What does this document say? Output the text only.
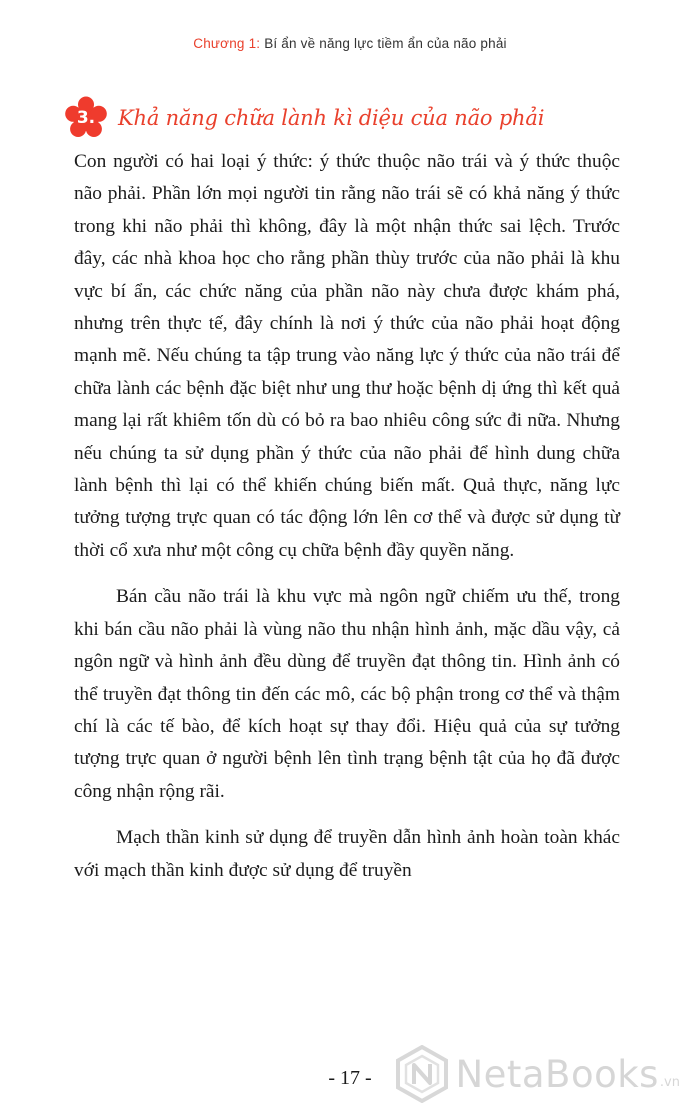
Chương 1: Bí ẩn về năng lực tiềm ẩn của não phải
3.	Khả năng chữa lành kì diệu của não phải

Con người có hai loại ý thức: ý thức thuộc não trái và ý thức thuộc não phải. Phần lớn mọi người tin rằng não trái sẽ có khả năng ý thức trong khi não phải thì không, đây là một nhận thức sai lệch. Trước đây, các nhà khoa học cho rằng phần thùy trước của não phải là khu vực bí ẩn, các chức năng của phần não này chưa được khám phá, nhưng trên thực tế, đây chính là nơi ý thức của não phải hoạt động mạnh mẽ. Nếu chúng ta tập trung vào năng lực ý thức của não trái để chữa lành các bệnh đặc biệt như ung thư hoặc bệnh dị ứng thì kết quả mang lại rất khiêm tốn dù có bỏ ra bao nhiêu công sức đi nữa. Nhưng nếu chúng ta sử dụng phần ý thức của não phải để hình dung chữa lành bệnh thì lại có thể khiến chúng biến mất. Quả thực, năng lực tưởng tượng trực quan có tác động lớn lên cơ thể và được sử dụng từ thời cổ xưa như một công cụ chữa bệnh đầy quyền năng.

Bán cầu não trái là khu vực mà ngôn ngữ chiếm ưu thế, trong khi bán cầu não phải là vùng não thu nhận hình ảnh, mặc dầu vậy, cả ngôn ngữ và hình ảnh đều dùng để truyền đạt thông tin. Hình ảnh có thể truyền đạt thông tin đến các mô, các bộ phận trong cơ thể và thậm chí là các tế bào, để kích hoạt sự thay đổi. Hiệu quả của sự tưởng tượng trực quan ở người bệnh lên tình trạng bệnh tật của họ đã được công nhận rộng rãi.

Mạch thần kinh sử dụng để truyền dẫn hình ảnh hoàn toàn khác với mạch thần kinh được sử dụng để truyền

- 17 -	NetaBooks .vn
